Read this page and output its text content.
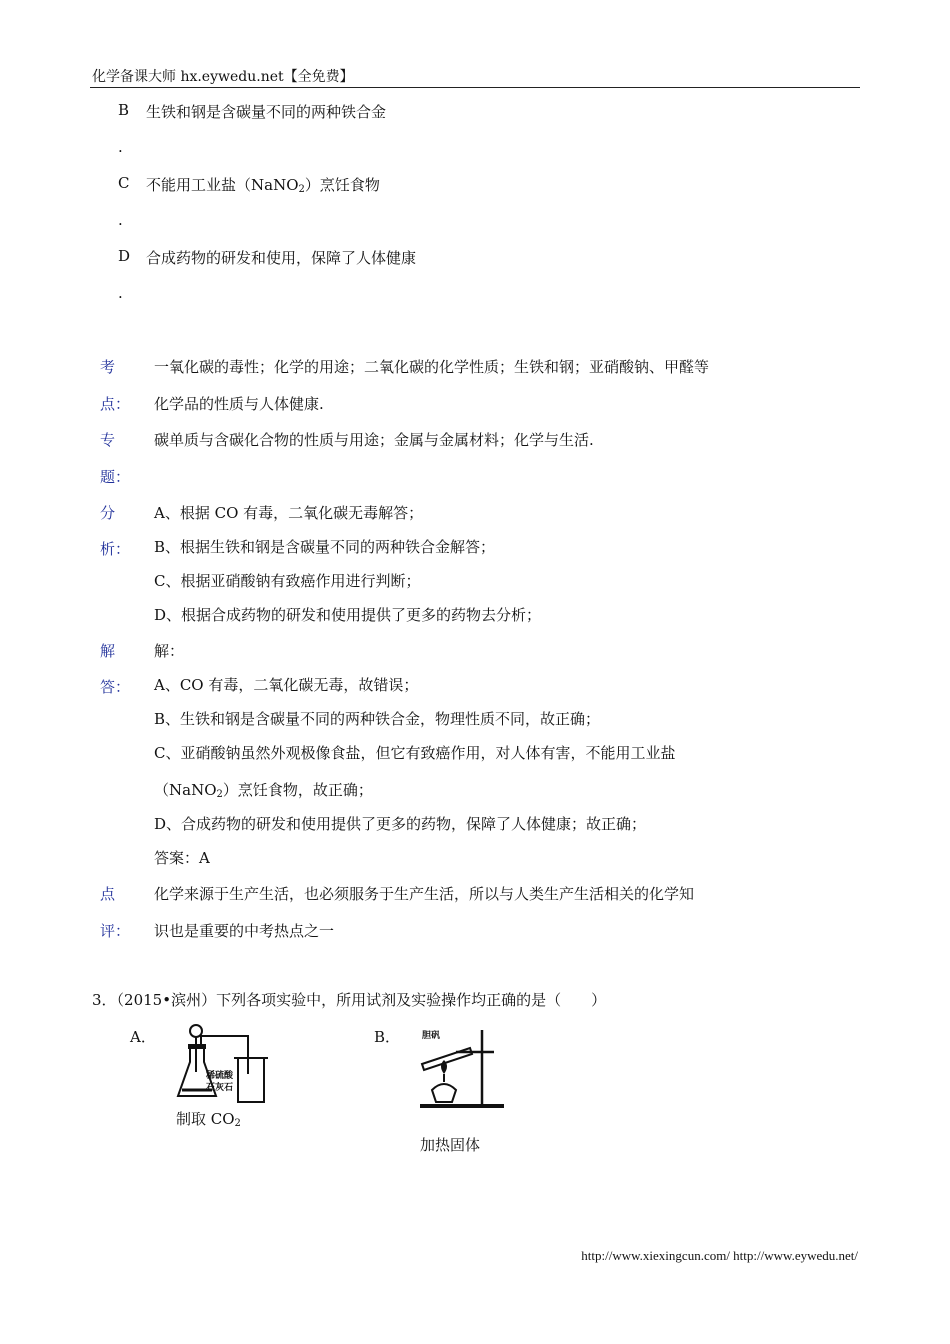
化学备课大师 hx.eywedu.net【全免费】
B 生铁和钢是含碳量不同的两种铁合金
.
C 不能用工业盐（NaNO$_2$）烹饪食物
.
D 合成药物的研发和使用，保障了人体健康
.
考
点：
一氧化碳的毒性；化学的用途；二氧化碳的化学性质；生铁和钢；亚硝酸钠、甲醛等
化学品的性质与人体健康.
专
题：
碳单质与含碳化合物的性质与用途；金属与金属材料；化学与生活.
分
析：
A、根据 CO 有毒，二氧化碳无毒解答；
B、根据生铁和钢是含碳量不同的两种铁合金解答；
C、根据亚硝酸钠有致癌作用进行判断；
D、根据合成药物的研发和使用提供了更多的药物去分析；
解
答：
解：
A、CO 有毒，二氧化碳无毒，故错误；
B、生铁和钢是含碳量不同的两种铁合金，物理性质不同，故正确；
C、亚硝酸钠虽然外观极像食盐，但它有致癌作用，对人体有害，不能用工业盐
（NaNO$_2$）烹饪食物，故正确；
D、合成药物的研发和使用提供了更多的药物，保障了人体健康；故正确；
答案：A
点
评：
化学来源于生产生活，也必须服务于生产生活，所以与人类生产生活相关的化学知
识也是重要的中考热点之一
3．（2015•滨州）下列各项实验中，所用试剂及实验操作均正确的是（　　）
A．
稀硫酸
石灰石
制取 $CO_2$
B． 胆矾
加热固体
http://www.xiexingcun.com/ http://www.eywedu.net/
